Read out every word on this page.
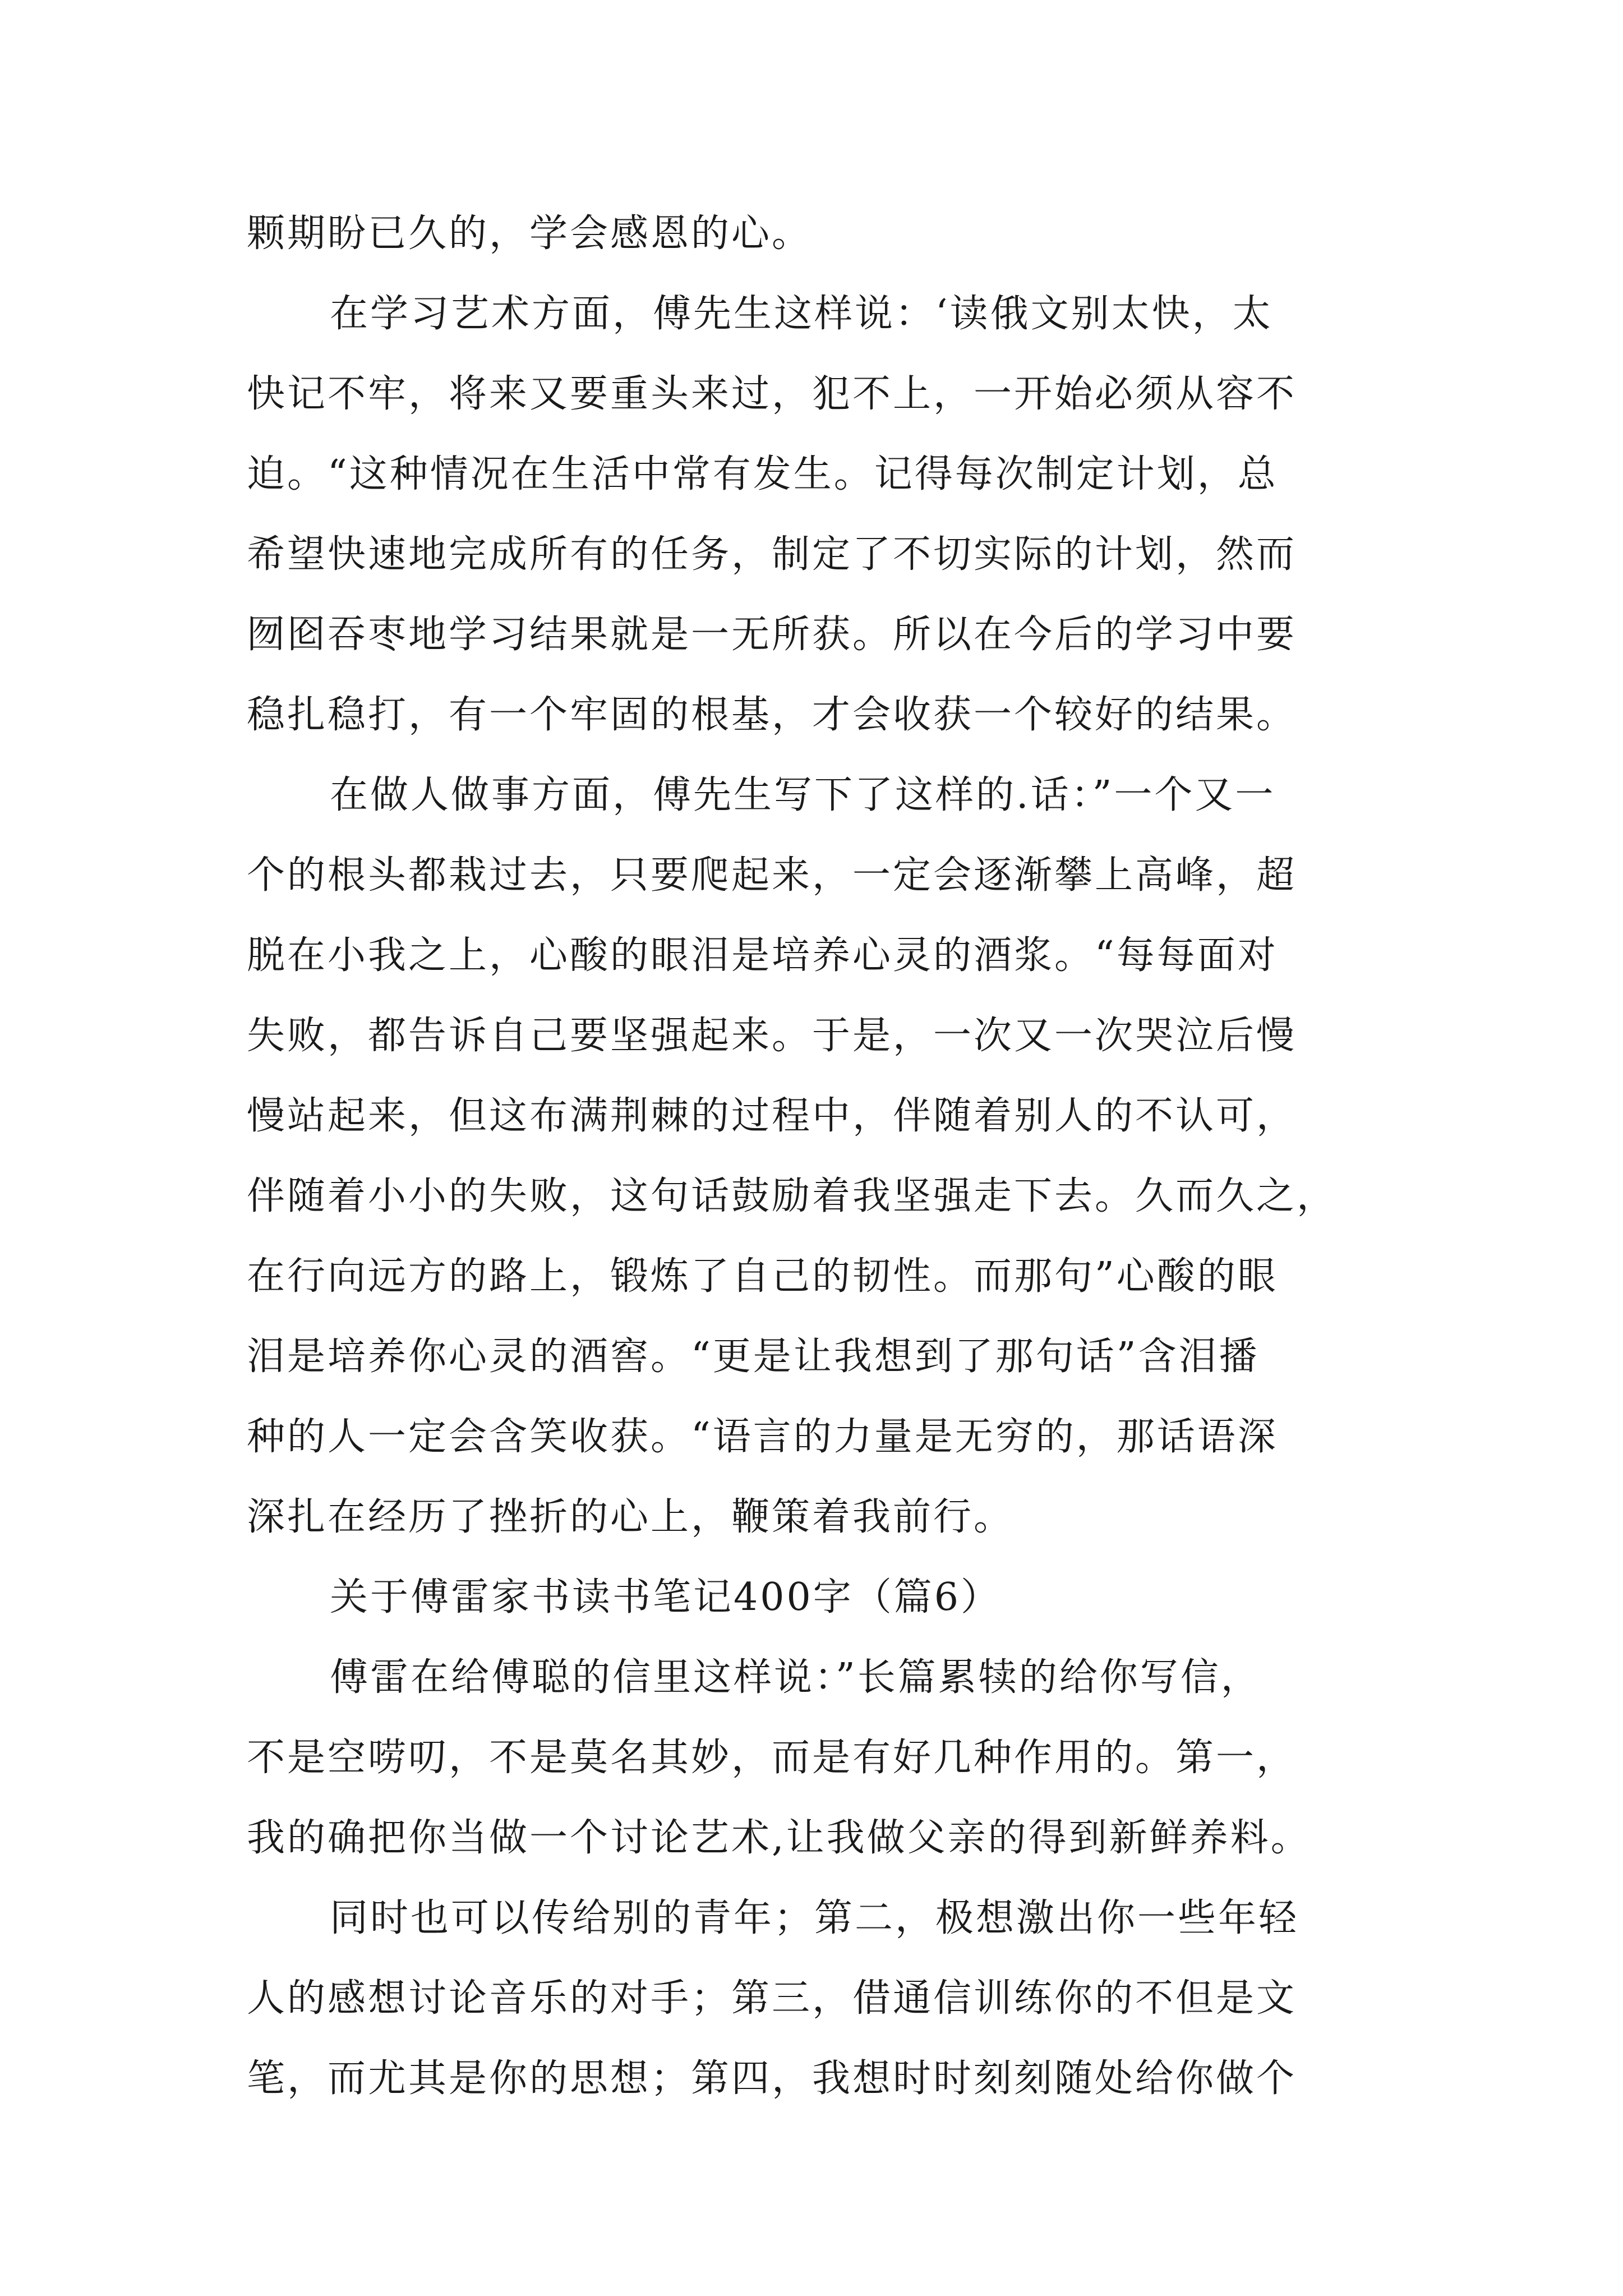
颗期盼已久的，学会感恩的心。
在学习艺术方面，傅先生这样说：‘读俄文别太快，太
快记不牢，将来又要重头来过，犯不上，一开始必须从容不
迫。“这种情况在生活中常有发生。记得每次制定计划，总
希望快速地完成所有的任务，制定了不切实际的计划，然而
囫囵吞枣地学习结果就是一无所获。所以在今后的学习中要
稳扎稳打，有一个牢固的根基，才会收获一个较好的结果。
在做人做事方面，傅先生写下了这样的.话：”一个又一
个的根头都栽过去，只要爬起来，一定会逐渐攀上高峰，超
脱在小我之上，心酸的眼泪是培养心灵的酒浆。“每每面对
失败，都告诉自己要坚强起来。于是，一次又一次哭泣后慢
慢站起来，但这布满荆棘的过程中，伴随着别人的不认可，
伴随着小小的失败，这句话鼓励着我坚强走下去。久而久之，
在行向远方的路上，锻炼了自己的韧性。而那句”心酸的眼
泪是培养你心灵的酒窖。“更是让我想到了那句话”含泪播
种的人一定会含笑收获。“语言的力量是无穷的，那话语深
深扎在经历了挫折的心上，鞭策着我前行。
关于傅雷家书读书笔记400字（篇6）
傅雷在给傅聪的信里这样说：”长篇累犊的给你写信，
不是空唠叨，不是莫名其妙，而是有好几种作用的。第一，
我的确把你当做一个讨论艺术,让我做父亲的得到新鲜养料。
同时也可以传给别的青年；第二，极想激出你一些年轻
人的感想讨论音乐的对手；第三，借通信训练你的不但是文
笔，而尤其是你的思想；第四，我想时时刻刻随处给你做个
